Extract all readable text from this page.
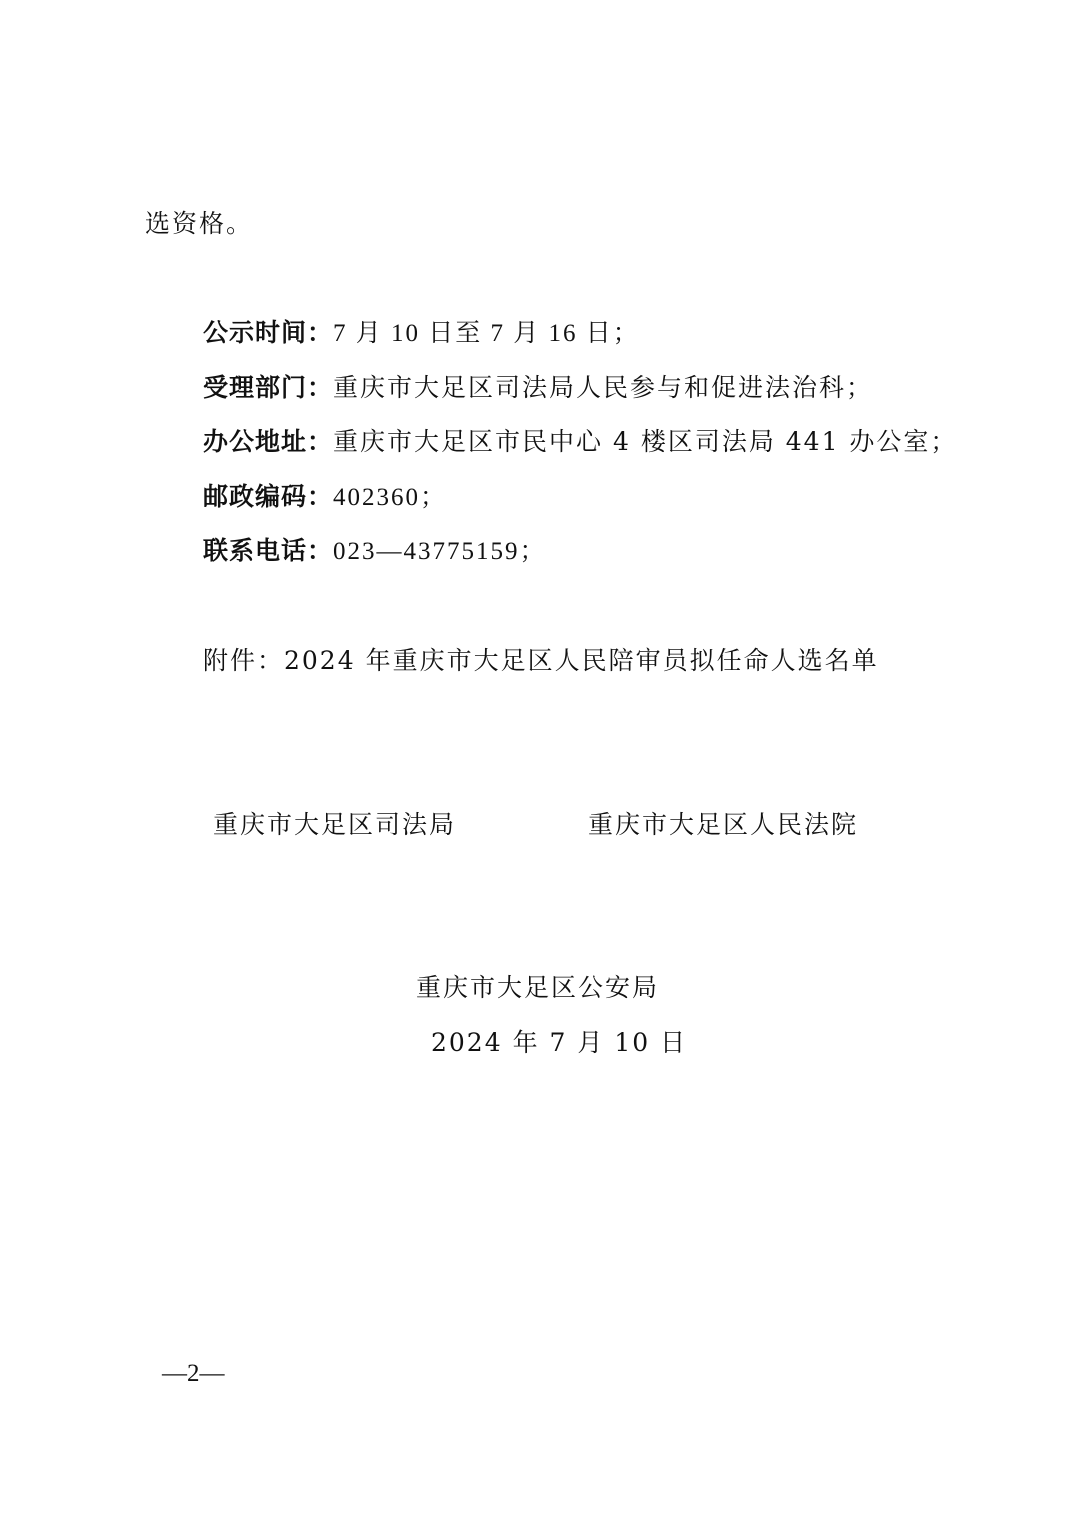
选资格。
公示时间：7 月 10 日至 7 月 16 日；
受理部门：重庆市大足区司法局人民参与和促进法治科；
办公地址：重庆市大足区市民中心 4 楼区司法局 441 办公室；
邮政编码：402360；
联系电话：023—43775159；
附件：2024 年重庆市大足区人民陪审员拟任命人选名单
重庆市大足区司法局	重庆市大足区人民法院
重庆市大足区公安局
2024 年 7 月 10 日
—2—
